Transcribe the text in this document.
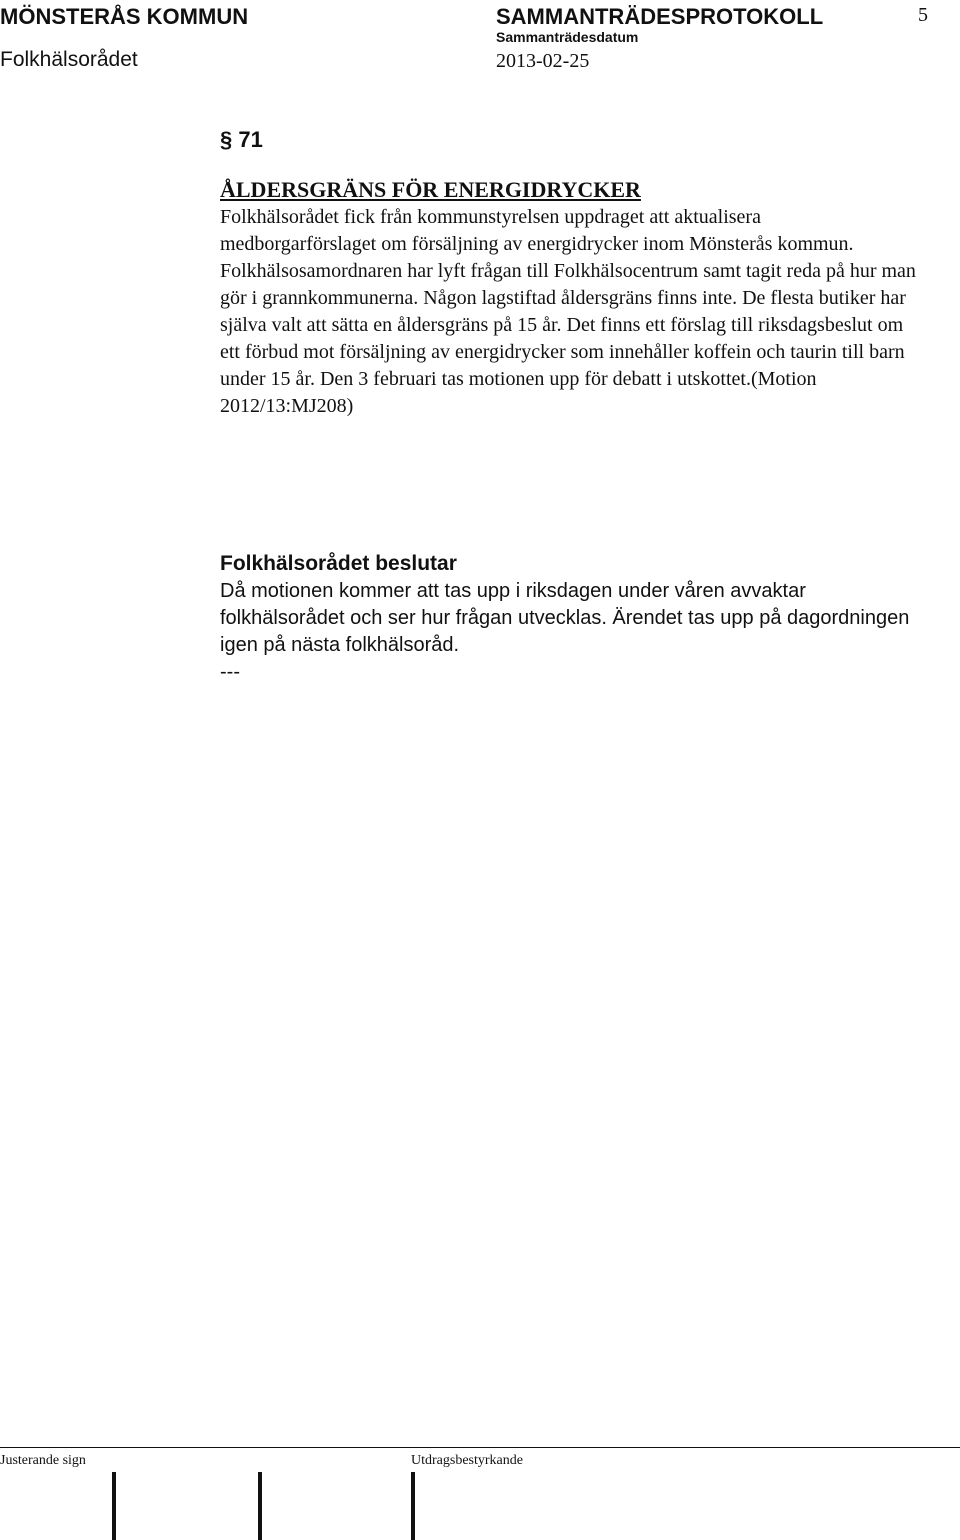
MÖNSTERÅS KOMMUN	SAMMANTRÄDESPROTOKOLL	5
Sammanträdesdatum
Folkhälsorådet	2013-02-25
§ 71
ÅLDERSGRÄNS FÖR ENERGIDRYCKER
Folkhälsorådet fick från kommunstyrelsen uppdraget att aktualisera medborgarförslaget om försäljning av energidrycker inom Mönsterås kommun. Folkhälsosamordnaren har lyft frågan till Folkhälsocentrum samt tagit reda på hur man gör i grannkommunerna. Någon lagstiftad åldersgräns finns inte. De flesta butiker har själva valt att sätta en åldersgräns på 15 år. Det finns ett förslag till riksdagsbeslut om ett förbud mot försäljning av energidrycker som innehåller koffein och taurin till barn under 15 år. Den 3 februari tas motionen upp för debatt i utskottet.(Motion 2012/13:MJ208)
Folkhälsorådet beslutar
Då motionen kommer att tas upp i riksdagen under våren avvaktar folkhälsorådet och ser hur frågan utvecklas. Ärendet tas upp på dagordningen igen på nästa folkhälsoråd.
---
Justerande sign	Utdragsbestyrkande
